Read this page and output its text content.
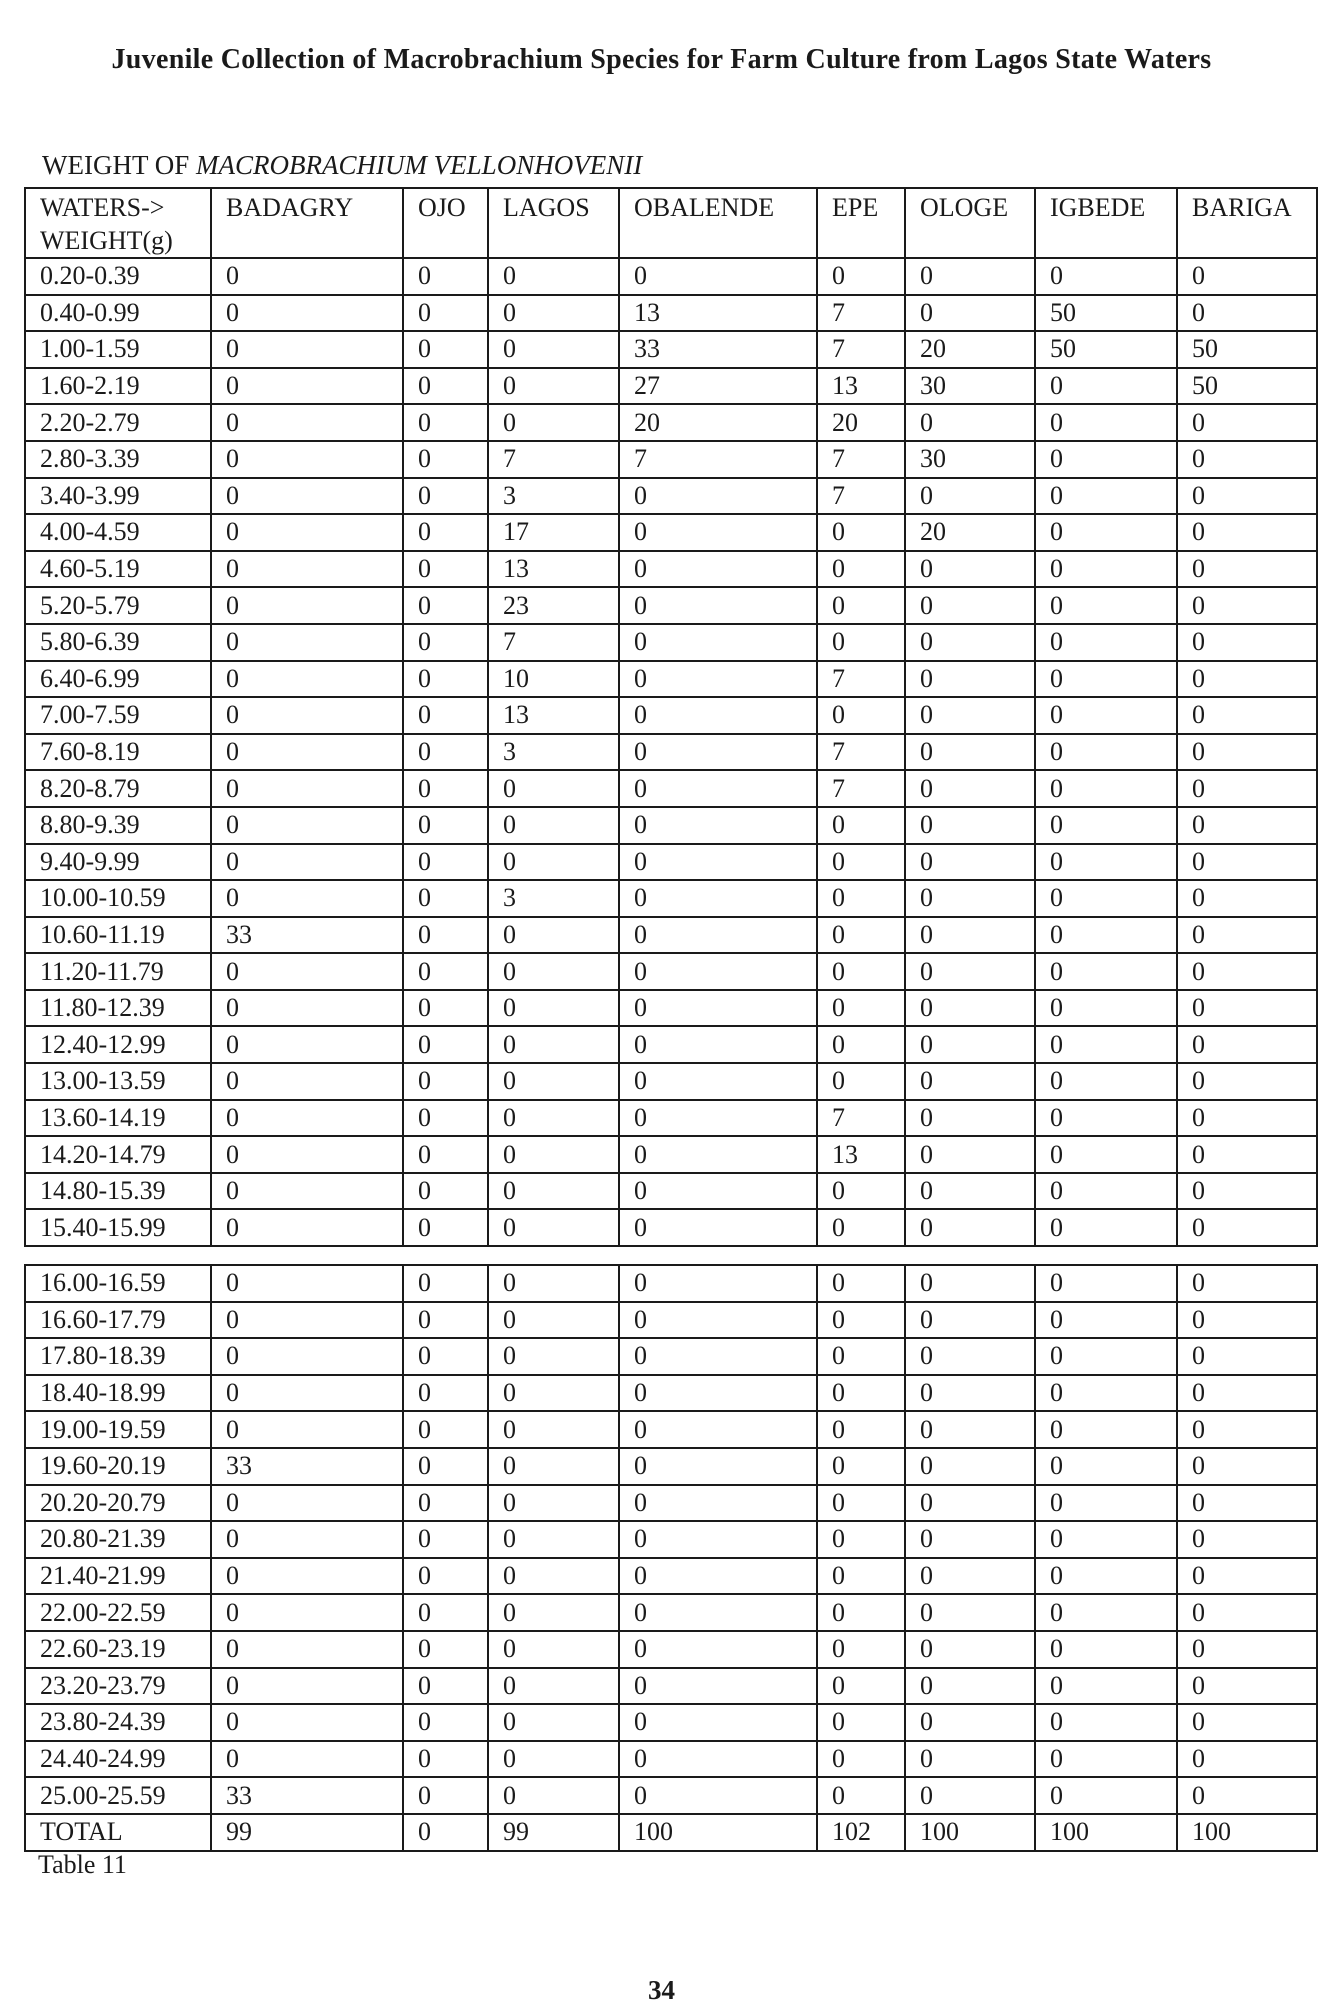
Juvenile Collection of Macrobrachium Species for Farm Culture from Lagos State Waters
WEIGHT OF MACROBRACHIUM VELLONHOVENII
WATERS->
WEIGHT(g)	BADAGRY	OJO	LAGOS	OBALENDE	EPE	OLOGE	IGBEDE	BARIGA
0.20-0.39	0	0	0	0	0	0	0	0
0.40-0.99	0	0	0	13	7	0	50	0
1.00-1.59	0	0	0	33	7	20	50	50
1.60-2.19	0	0	0	27	13	30	0	50
2.20-2.79	0	0	0	20	20	0	0	0
2.80-3.39	0	0	7	7	7	30	0	0
3.40-3.99	0	0	3	0	7	0	0	0
4.00-4.59	0	0	17	0	0	20	0	0
4.60-5.19	0	0	13	0	0	0	0	0
5.20-5.79	0	0	23	0	0	0	0	0
5.80-6.39	0	0	7	0	0	0	0	0
6.40-6.99	0	0	10	0	7	0	0	0
7.00-7.59	0	0	13	0	0	0	0	0
7.60-8.19	0	0	3	0	7	0	0	0
8.20-8.79	0	0	0	0	7	0	0	0
8.80-9.39	0	0	0	0	0	0	0	0
9.40-9.99	0	0	0	0	0	0	0	0
10.00-10.59	0	0	3	0	0	0	0	0
10.60-11.19	33	0	0	0	0	0	0	0
11.20-11.79	0	0	0	0	0	0	0	0
11.80-12.39	0	0	0	0	0	0	0	0
12.40-12.99	0	0	0	0	0	0	0	0
13.00-13.59	0	0	0	0	0	0	0	0
13.60-14.19	0	0	0	0	7	0	0	0
14.20-14.79	0	0	0	0	13	0	0	0
14.80-15.39	0	0	0	0	0	0	0	0
15.40-15.99	0	0	0	0	0	0	0	0
16.00-16.59	0	0	0	0	0	0	0	0
16.60-17.79	0	0	0	0	0	0	0	0
17.80-18.39	0	0	0	0	0	0	0	0
18.40-18.99	0	0	0	0	0	0	0	0
19.00-19.59	0	0	0	0	0	0	0	0
19.60-20.19	33	0	0	0	0	0	0	0
20.20-20.79	0	0	0	0	0	0	0	0
20.80-21.39	0	0	0	0	0	0	0	0
21.40-21.99	0	0	0	0	0	0	0	0
22.00-22.59	0	0	0	0	0	0	0	0
22.60-23.19	0	0	0	0	0	0	0	0
23.20-23.79	0	0	0	0	0	0	0	0
23.80-24.39	0	0	0	0	0	0	0	0
24.40-24.99	0	0	0	0	0	0	0	0
25.00-25.59	33	0	0	0	0	0	0	0
TOTAL	99	0	99	100	102	100	100	100
Table 11
34
